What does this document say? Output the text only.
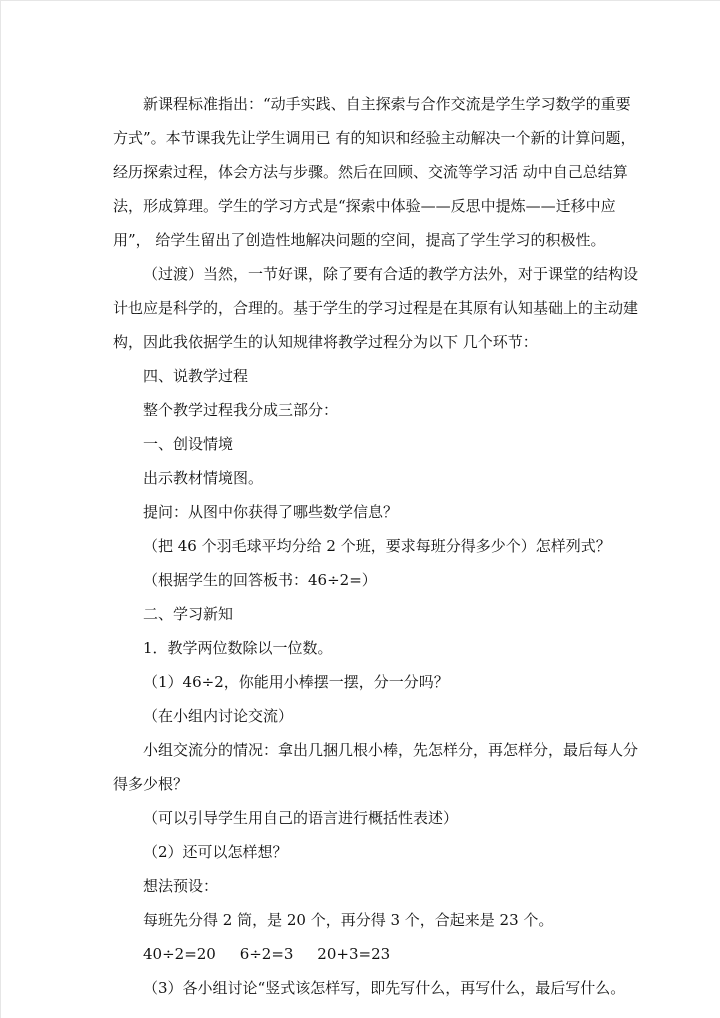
新课程标准指出：“动手实践、自主探索与合作交流是学生学习数学的重要

方式”。本节课我先让学生调用已 有的知识和经验主动解决一个新的计算问题，

经历探索过程，体会方法与步骤。然后在回顾、交流等学习活 动中自己总结算

法，形成算理。学生的学习方式是“探索中体验——反思中提炼——迁移中应

用”， 给学生留出了创造性地解决问题的空间，提高了学生学习的积极性。

（过渡）当然，一节好课，除了要有合适的教学方法外，对于课堂的结构设

计也应是科学的，合理的。基于学生的学习过程是在其原有认知基础上的主动建

构，因此我依据学生的认知规律将教学过程分为以下 几个环节：

四、说教学过程

整个教学过程我分成三部分：

一、创设情境

出示教材情境图。

提问：从图中你获得了哪些数学信息？

（把 46 个羽毛球平均分给 2 个班，要求每班分得多少个）怎样列式？

（根据学生的回答板书：46÷2=）

二、学习新知

1．教学两位数除以一位数。

（1）46÷2，你能用小棒摆一摆，分一分吗？

（在小组内讨论交流）

小组交流分的情况：拿出几捆几根小棒，先怎样分，再怎样分，最后每人分

得多少根？

（可以引导学生用自己的语言进行概括性表述）

（2）还可以怎样想？

想法预设：

每班先分得 2 筒，是 20 个，再分得 3 个，合起来是 23 个。

40÷2=20     6÷2=3     20+3=23

（3）各小组讨论“竖式该怎样写，即先写什么，再写什么，最后写什么。
